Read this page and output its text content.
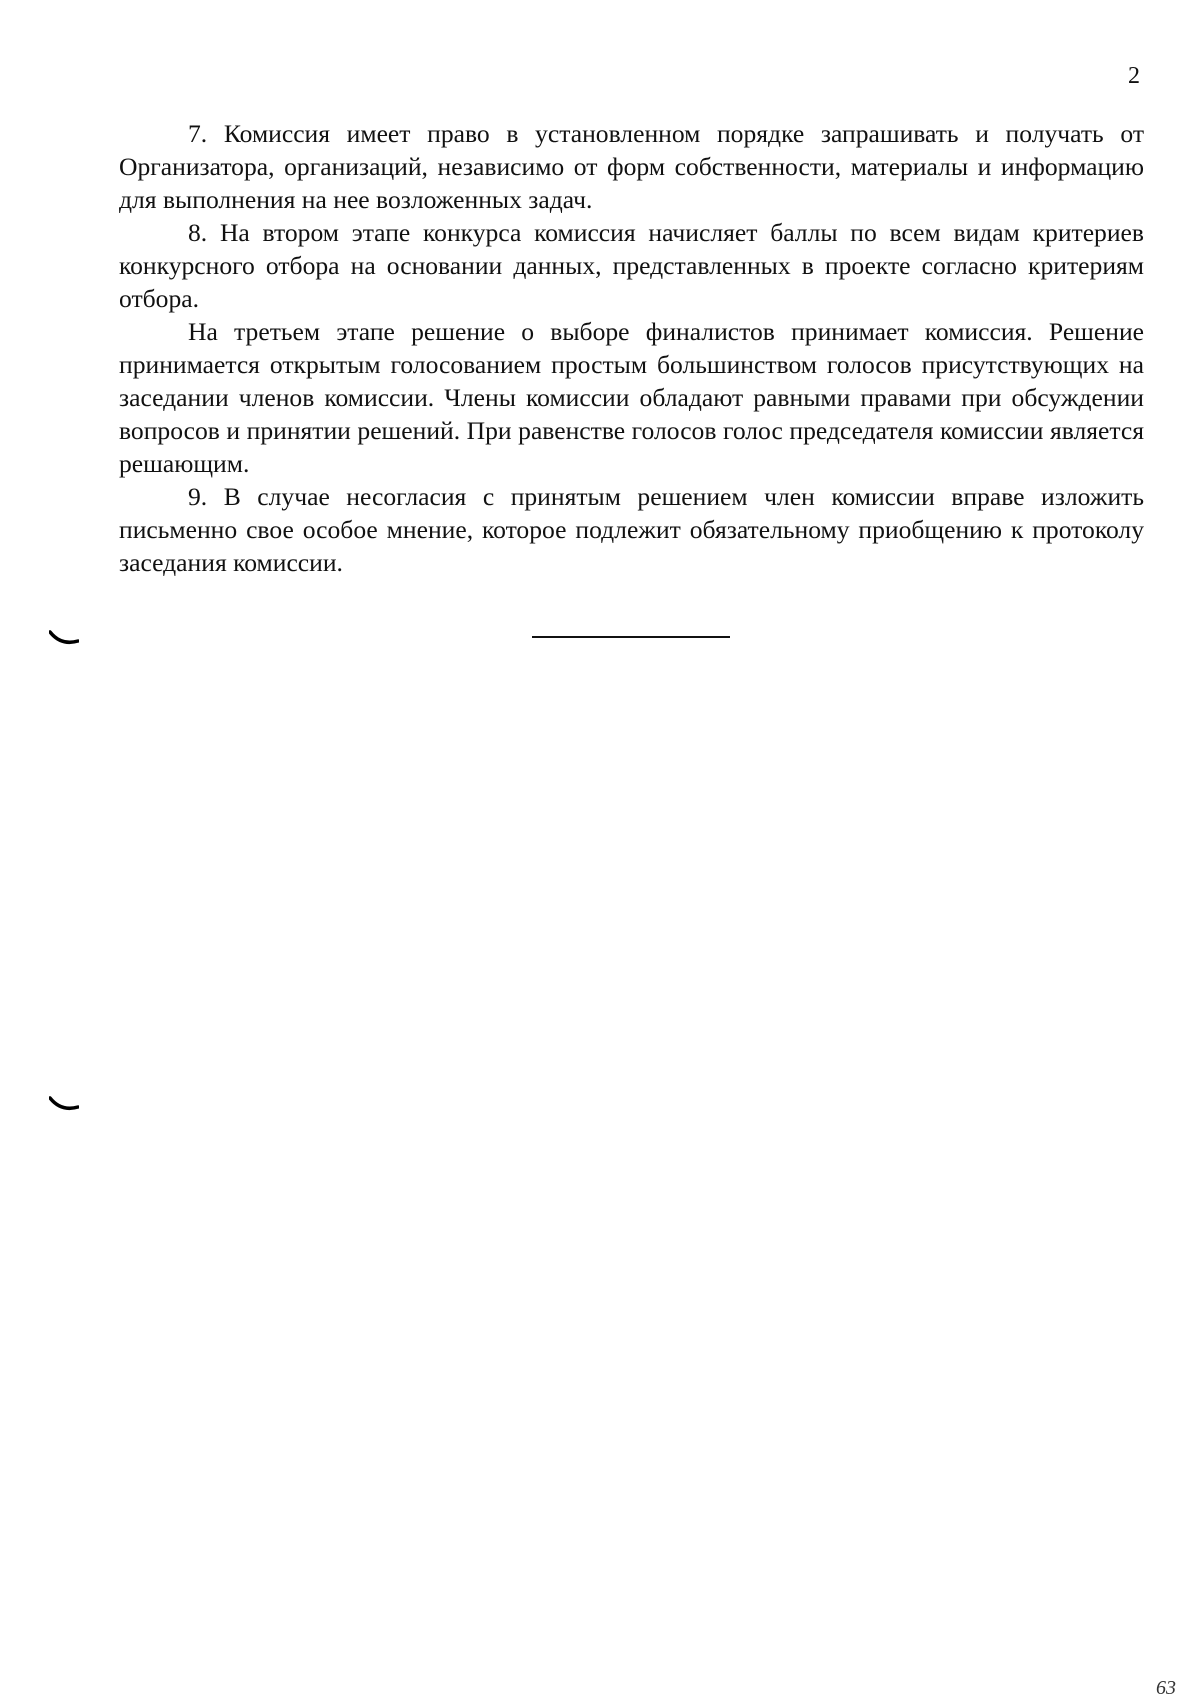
2

7. Комиссия имеет право в установленном порядке запрашивать и получать от Организатора, организаций, независимо от форм собственности, материалы и информацию для выполнения на нее возложенных задач.

8. На втором этапе конкурса комиссия начисляет баллы по всем видам критериев конкурсного отбора на основании данных, представленных в проекте согласно критериям отбора.

На третьем этапе решение о выборе финалистов принимает комиссия. Решение принимается открытым голосованием простым большинством голосов присутствующих на заседании членов комиссии. Члены комиссии обладают равными правами при обсуждении вопросов и принятии решений. При равенстве голосов голос председателя комиссии является решающим.

9. В случае несогласия с принятым решением член комиссии вправе изложить письменно свое особое мнение, которое подлежит обязательному приобщению к протоколу заседания комиссии.

63
